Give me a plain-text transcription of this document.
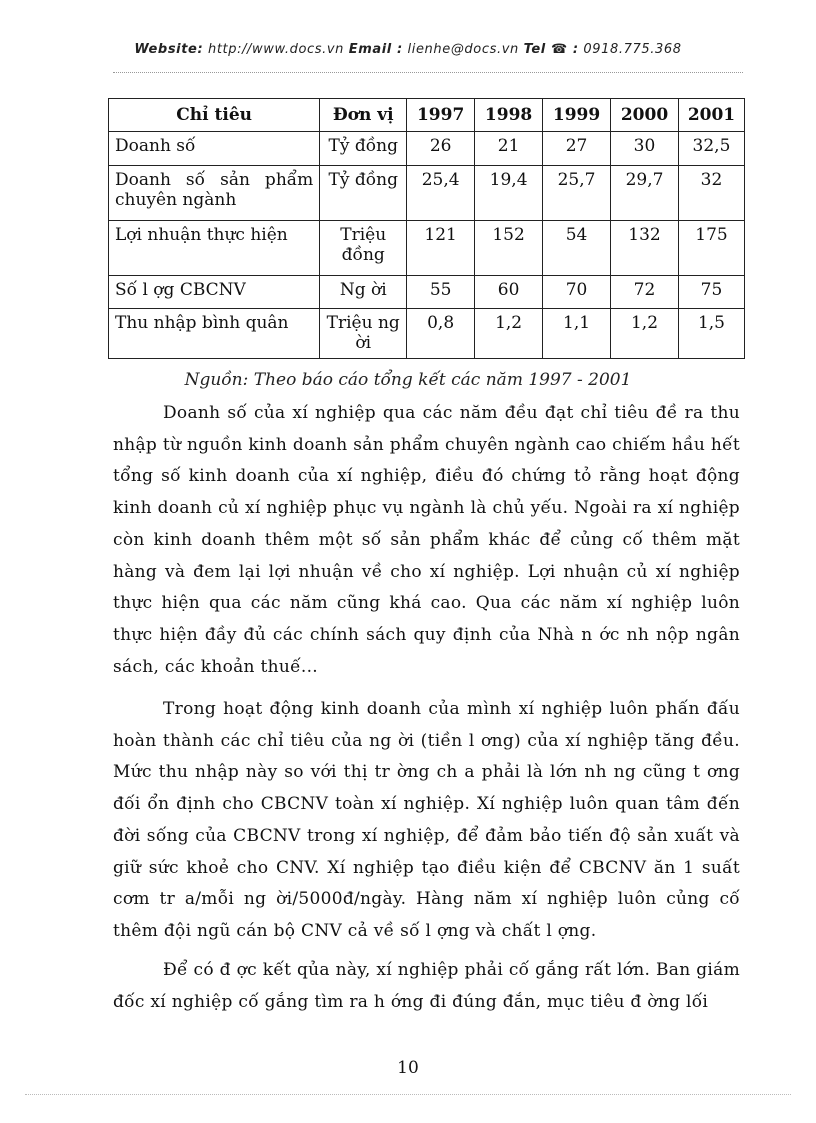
Website: http://www.docs.vn Email : lienhe@docs.vn Tel ☎ : 0918.775.368
Chỉ tiêu	Đơn vị	1997	1998	1999	2000	2001
Doanh số	Tỷ đồng	26	21	27	30	32,5
Doanh số sản phẩm chuyên ngành	Tỷ đồng	25,4	19,4	25,7	29,7	32
Lợi nhuận thực hiện	Triệu đồng	121	152	54	132	175
Số l ợg CBCNV	Ng ời	55	60	70	72	75
Thu nhập bình quân	Triệu ng ời	0,8	1,2	1,1	1,2	1,5
Nguồn: Theo báo cáo tổng kết các năm 1997 - 2001

Doanh số của xí nghiệp qua các năm đều đạt chỉ tiêu đề ra thu nhập từ nguồn kinh doanh sản phẩm chuyên ngành cao chiếm hầu hết tổng số kinh doanh của xí nghiệp, điều đó chứng tỏ rằng hoạt động kinh doanh củ xí nghiệp phục vụ ngành là chủ yếu. Ngoài ra xí nghiệp còn kinh doanh thêm một số sản phẩm khác để củng cố thêm mặt hàng và đem lại lợi nhuận về cho xí nghiệp. Lợi nhuận củ xí nghiệp thực hiện qua các năm cũng khá cao. Qua các năm xí nghiệp luôn thực hiện đầy đủ các chính sách quy định của Nhà n ớc nh nộp ngân sách, các khoản thuế...

Trong hoạt động kinh doanh của mình xí nghiệp luôn phấn đấu hoàn thành các chỉ tiêu của ng ời (tiền l ơng) của xí nghiệp tăng đều. Mức thu nhập này so với thị tr ờng ch a phải là lớn nh ng cũng t ơng đối ổn định cho CBCNV toàn xí nghiệp. Xí nghiệp luôn quan tâm đến đời sống của CBCNV trong xí nghiệp, để đảm bảo tiến độ sản xuất và giữ sức khoẻ cho CNV. Xí nghiệp tạo điều kiện để CBCNV ăn 1 suất cơm tr a/mỗi ng ời/5000đ/ngày. Hàng năm xí nghiệp luôn củng cố thêm đội ngũ cán bộ CNV cả về số l ợng và chất l ợng.

Để có đ ợc kết qủa này, xí nghiệp phải cố gắng rất lớn. Ban giám đốc xí nghiệp cố gắng tìm ra h ớng đi đúng đắn, mục tiêu đ ờng lối

10
